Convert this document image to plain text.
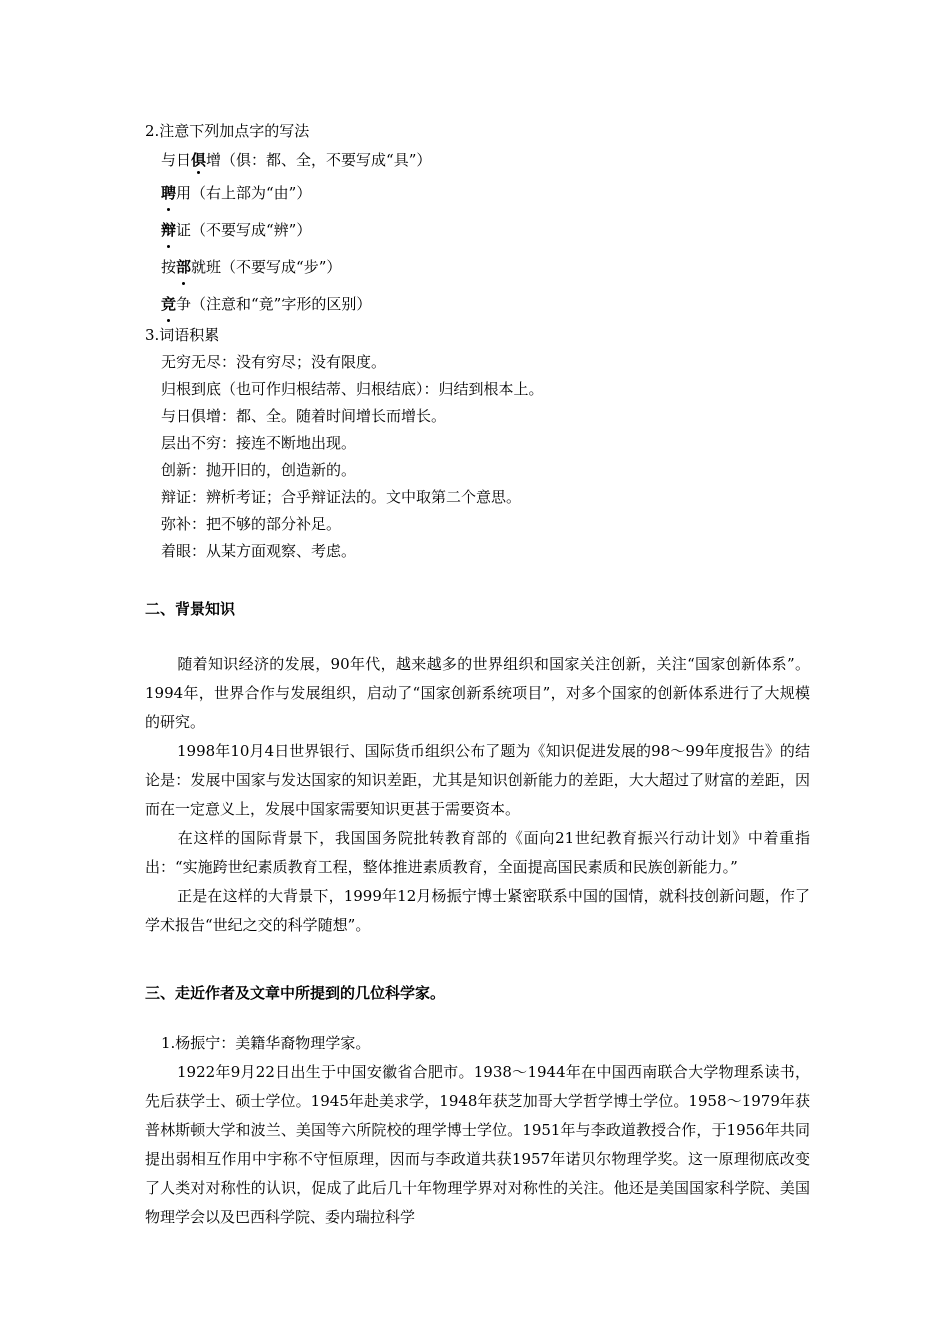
2.注意下列加点字的写法
与日俱增（俱：都、全，不要写成“具”）
聘用（右上部为“由”）
辩证（不要写成“辨”）
按部就班（不要写成“步”）
竞争（注意和“竟”字形的区别）
3.词语积累
无穷无尽：没有穷尽；没有限度。
归根到底（也可作归根结蒂、归根结底）：归结到根本上。
与日俱增：都、全。随着时间增长而增长。
层出不穷：接连不断地出现。
创新：抛开旧的，创造新的。
辩证：辨析考证；合乎辩证法的。文中取第二个意思。
弥补：把不够的部分补足。
着眼：从某方面观察、考虑。
二、背景知识
随着知识经济的发展，90年代，越来越多的世界组织和国家关注创新，关注“国家创新体系”。1994年，世界合作与发展组织，启动了“国家创新系统项目”，对多个国家的创新体系进行了大规模的研究。
1998年10月4日世界银行、国际货币组织公布了题为《知识促进发展的98～99年度报告》的结论是：发展中国家与发达国家的知识差距，尤其是知识创新能力的差距，大大超过了财富的差距，因而在一定意义上，发展中国家需要知识更甚于需要资本。
在这样的国际背景下，我国国务院批转教育部的《面向21世纪教育振兴行动计划》中着重指出：“实施跨世纪素质教育工程，整体推进素质教育，全面提高国民素质和民族创新能力。”
正是在这样的大背景下，1999年12月杨振宁博士紧密联系中国的国情，就科技创新问题，作了学术报告“世纪之交的科学随想”。
三、走近作者及文章中所提到的几位科学家。
1.杨振宁：美籍华裔物理学家。
1922年9月22日出生于中国安徽省合肥市。1938～1944年在中国西南联合大学物理系读书，先后获学士、硕士学位。1945年赴美求学，1948年获芝加哥大学哲学博士学位。1958～1979年获普林斯顿大学和波兰、美国等六所院校的理学博士学位。1951年与李政道教授合作，于1956年共同提出弱相互作用中宇称不守恒原理，因而与李政道共获1957年诺贝尔物理学奖。这一原理彻底改变了人类对对称性的认识，促成了此后几十年物理学界对对称性的关注。他还是美国国家科学院、美国物理学会以及巴西科学院、委内瑞拉科学
